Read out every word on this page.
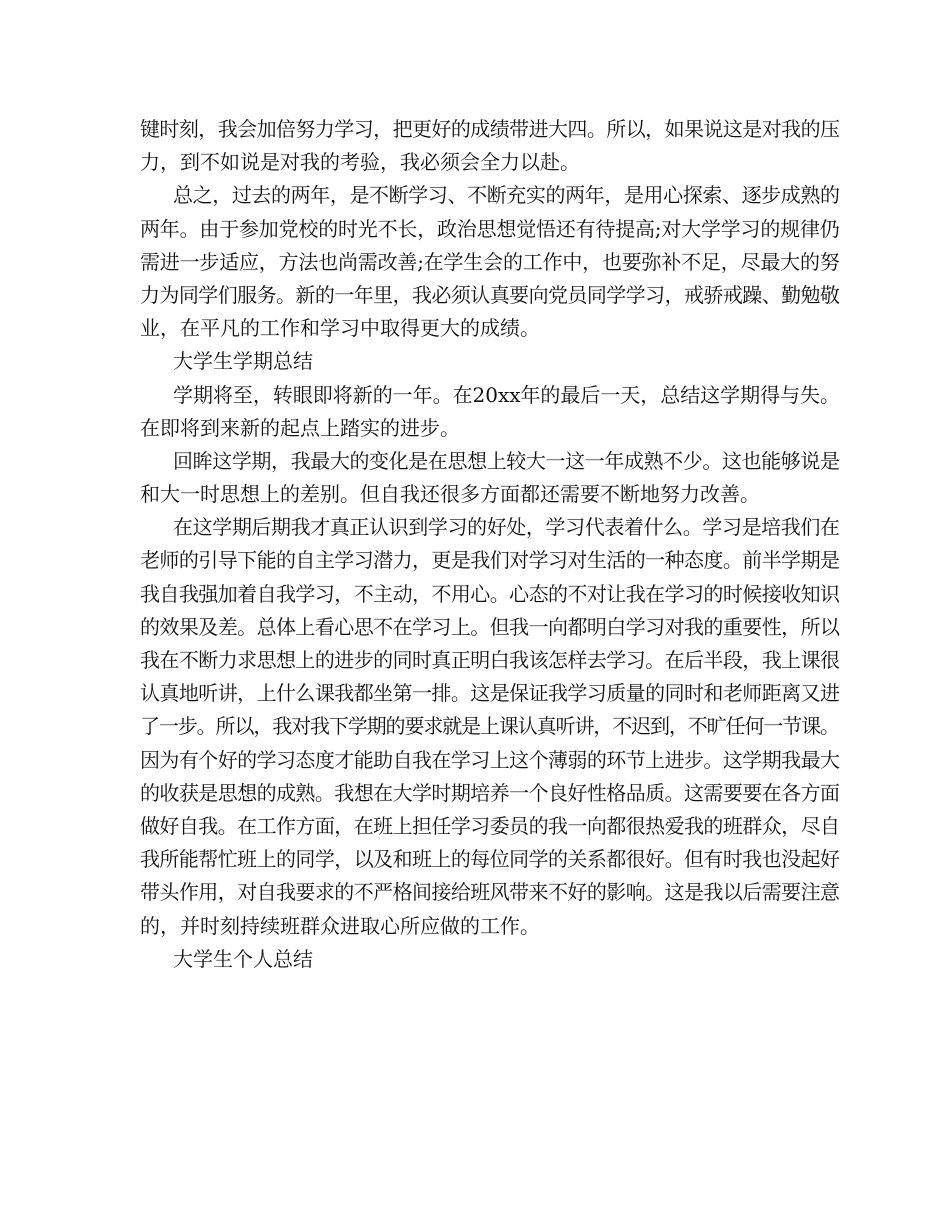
键时刻，我会加倍努力学习，把更好的成绩带进大四。所以，如果说这是对我的压
力，到不如说是对我的考验，我必须会全力以赴。
总之，过去的两年，是不断学习、不断充实的两年，是用心探索、逐步成熟的
两年。由于参加党校的时光不长，政治思想觉悟还有待提高;对大学学习的规律仍
需进一步适应，方法也尚需改善;在学生会的工作中，也要弥补不足，尽最大的努
力为同学们服务。新的一年里，我必须认真要向党员同学学习，戒骄戒躁、勤勉敬
业，在平凡的工作和学习中取得更大的成绩。
大学生学期总结
学期将至，转眼即将新的一年。在20xx年的最后一天，总结这学期得与失。
在即将到来新的起点上踏实的进步。
回眸这学期，我最大的变化是在思想上较大一这一年成熟不少。这也能够说是
和大一时思想上的差别。但自我还很多方面都还需要不断地努力改善。
在这学期后期我才真正认识到学习的好处，学习代表着什么。学习是培我们在
老师的引导下能的自主学习潜力，更是我们对学习对生活的一种态度。前半学期是
我自我强加着自我学习，不主动，不用心。心态的不对让我在学习的时候接收知识
的效果及差。总体上看心思不在学习上。但我一向都明白学习对我的重要性，所以
我在不断力求思想上的进步的同时真正明白我该怎样去学习。在后半段，我上课很
认真地听讲，上什么课我都坐第一排。这是保证我学习质量的同时和老师距离又进
了一步。所以，我对我下学期的要求就是上课认真听讲，不迟到，不旷任何一节课。
因为有个好的学习态度才能助自我在学习上这个薄弱的环节上进步。这学期我最大
的收获是思想的成熟。我想在大学时期培养一个良好性格品质。这需要要在各方面
做好自我。在工作方面，在班上担任学习委员的我一向都很热爱我的班群众，尽自
我所能帮忙班上的同学，以及和班上的每位同学的关系都很好。但有时我也没起好
带头作用，对自我要求的不严格间接给班风带来不好的影响。这是我以后需要注意
的，并时刻持续班群众进取心所应做的工作。
大学生个人总结
